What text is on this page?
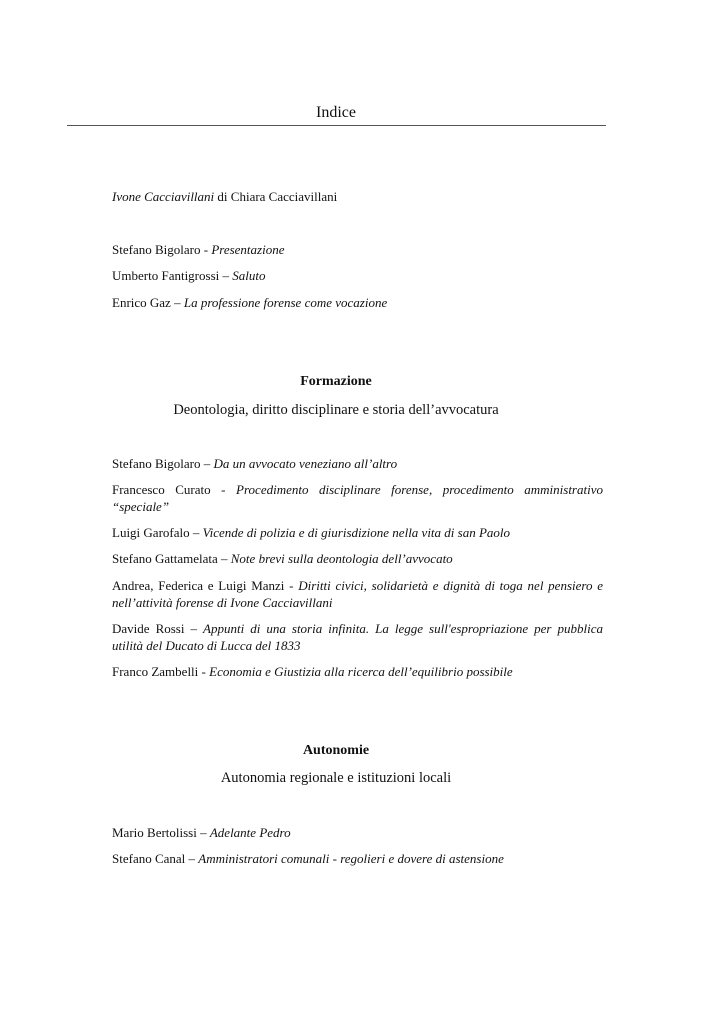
Indice
Ivone Cacciavillani di Chiara Cacciavillani
Stefano Bigolaro - Presentazione
Umberto Fantigrossi – Saluto
Enrico Gaz – La professione forense come vocazione
Formazione
Deontologia, diritto disciplinare e storia dell’avvocatura
Stefano Bigolaro – Da un avvocato veneziano all’altro
Francesco Curato - Procedimento disciplinare forense, procedimento amministrativo “speciale”
Luigi Garofalo – Vicende di polizia e di giurisdizione nella vita di san Paolo
Stefano Gattamelata – Note brevi sulla deontologia dell’avvocato
Andrea, Federica e Luigi Manzi - Diritti civici, solidarietà e dignità di toga nel pensiero e nell’attività forense di Ivone Cacciavillani
Davide Rossi – Appunti di una storia infinita. La legge sull'espropriazione per pubblica utilità del Ducato di Lucca del 1833
Franco Zambelli - Economia e Giustizia alla ricerca dell’equilibrio possibile
Autonomie
Autonomia regionale e istituzioni locali
Mario Bertolissi – Adelante Pedro
Stefano Canal – Amministratori comunali - regolieri e dovere di astensione
